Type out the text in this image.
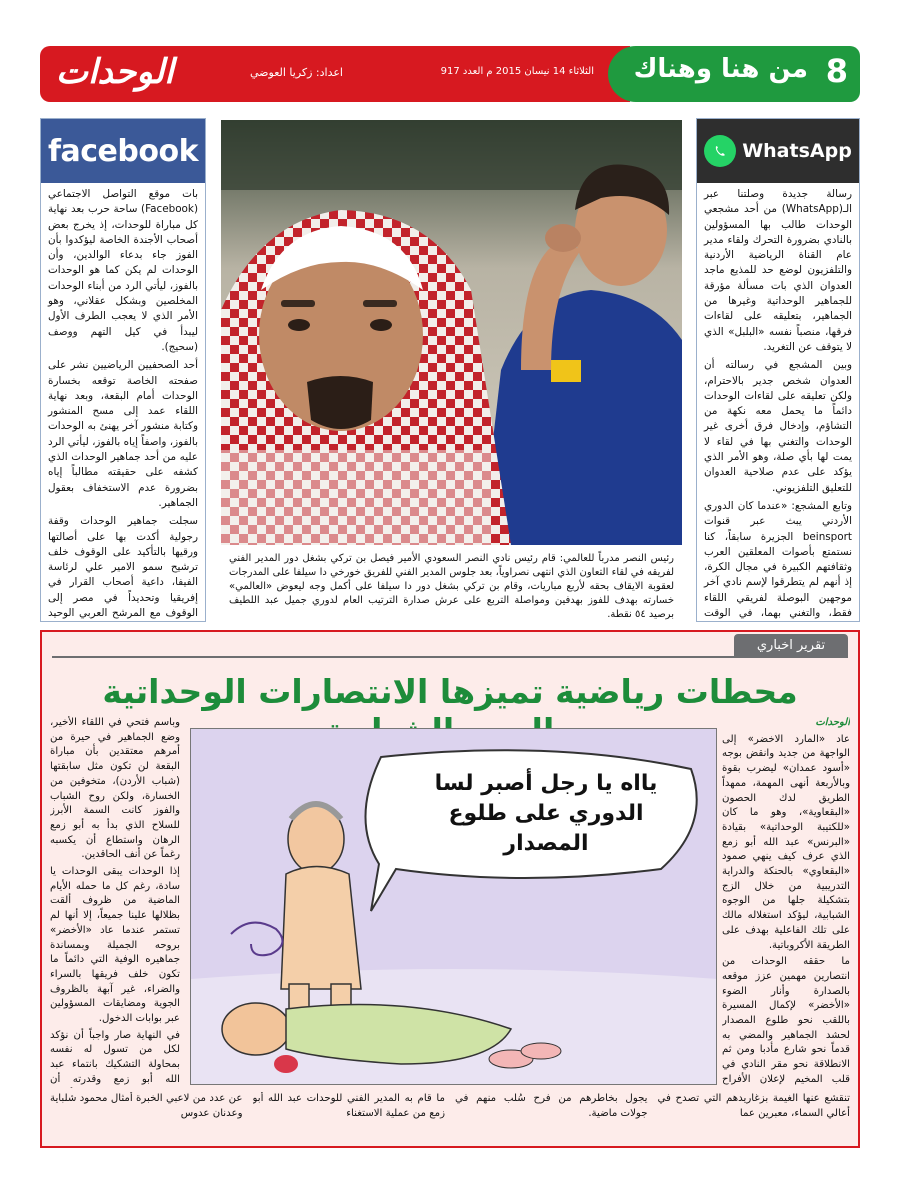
الوحدات	اعداد: زكريا العوضي	الثلاثاء 14 نيسان 2015 م العدد 917 من هنا وهناك 8
facebook

بات موقع التواصل الاجتماعي (Facebook) ساحة حرب بعد نهاية كل مباراة للوحدات، إذ يخرج بعض أصحاب الأجندة الخاصة ليؤكدوا بأن الفوز جاء بدعاء الوالدين، وأن الوحدات لم يكن كما هو الوحدات بالفوز، ليأتي الرد من أبناء الوحدات المخلصين وبشكل عقلاني، وهو الأمر الذي لا يعجب الطرف الأول ليبدأ في كيل التهم ووصف (سحيج).

أحد الصحفيين الرياضيين نشر على صفحته الخاصة توقعه بخسارة الوحدات أمام البقعة، وبعد نهاية اللقاء عمد إلى مسح المنشور وكتابة منشور آخر يهنئ به الوحدات بالفوز، واصفاً إياه بالفوز، ليأتي الرد عليه من أحد جماهير الوحدات الذي كشفه على حقيقته مطالباً إياه بضرورة عدم الاستخفاف بعقول الجماهير.

سجلت جماهير الوحدات وقفة رجولية أكدت بها على أصالتها ورقيها بالتأكيد على الوقوف خلف ترشيح سمو الامير علي لرئاسة الفيفا، داعية أصحاب القرار في إفريقيا وتحديداً في مصر إلى الوقوف مع المرشح العربي الوحيد

رئيس النصر مدرباً للعالمي: قام رئيس نادي النصر السعودي الأمير فيصل بن تركي بشغل دور المدير الفني لفريقه في لقاء التعاون الذي انتهى نصراوياً، بعد جلوس المدير الفني للفريق خورخي دا سيلفا على المدرجات لعقوبة الايقاف بحقه لأربع مباريات، وقام بن تركي بشغل دور دا سيلفا على أكمل وجه ليعوض «العالمي» خسارته بهدف للفوز بهدفين ومواصلة التربع على عرش صدارة الترتيب العام لدوري جميل عبد اللطيف برصيد ٥٤ نقطة.
WhatsApp

رسالة جديدة وصلتنا عبر الـ(WhatsApp) من أحد مشجعي الوحدات طالب بها المسؤولين بالنادي بضرورة التحرك ولقاء مدير عام القناة الرياضية الأردنية والتلفزيون لوضع حد للمذيع ماجد العدوان الذي بات مسألة مؤرقة للجماهير الوحداتية وغيرها من الجماهير، بتعليقه على لقاءات فرقها، منصباً نفسه «البلبل» الذي لا يتوقف عن التغريد.

وبين المشجع في رسالته أن العدوان شخص جدير بالاحترام، ولكن تعليقه على لقاءات الوحدات دائماً ما يحمل معه نكهة من التشاؤم، وإدخال فرق أخرى غير الوحدات والتغني بها في لقاء لا يمت لها بأي صلة، وهو الأمر الذي يؤكد على عدم صلاحية العدوان للتعليق التلفزيوني.

وتابع المشجع: «عندما كان الدوري الأردني يبث عبر قنوات beinsport الجزيرة سابقاً، كنا نستمتع بأصوات المعلقين العرب وثقافتهم الكبيرة في مجال الكرة، إذ أنهم لم يتطرقوا لإسم نادي آخر موجهين البوصلة لفريقي اللقاء فقط، والتغني بهما، في الوقت

تقرير اخباري
محطات رياضية تميزها الانتصارات الوحداتية

الوحدات

عاد «المارد الاخضر» إلى الواجهة من جديد وانقض بوجه «أسود عمدان» ليضرب بقوة وبالأربعة أنهى المهمة، ممهداً الطريق لدك الحصون «البقعاوية»، وهو ما كان «للكتيبة الوحداتية» بقيادة «البرنس» عبد الله أبو زمع الذي عرف كيف ينهي صمود «البقعاوي» بالحنكة والدراية التدريبية من خلال الزج بتشكيلة جلها من الوجوه الشبابية، ليؤكد استغلاله مالك على تلك الفاعلية بهدف على الطريقة الأكروباتية.

ما حققه الوحدات من انتصارين مهمين عزز موقعه بالصدارة وأنار الضوء «الأخضر» لإكمال المسيرة باللقب نحو طلوع المصدار لحشد الجماهير والمضي به قدماً نحو شارع مأدبا ومن ثم الانطلاقة نحو مقر النادي في قلب المخيم لإعلان الأفراح

يااه يا رجل أصبر لسا الدوري على طلوع المصدار

وباسم فتحي في اللقاء الأخير، وضع الجماهير في حيرة من أمرهم معتقدين بأن مباراة البقعة لن تكون مثل سابقتها (شباب الأردن)، متخوفين من الخسارة، ولكن روح الشباب والفوز كانت السمة الأبرز للسلاح الذي بدأ به أبو زمع الرهان واستطاع أن يكسبه رغماً عن أنف الحاقدين.

إذا الوحدات يبقى الوحدات يا سادة، رغم كل ما حمله الأيام الماضية من ظروف ألقت بظلالها علينا جميعاً، إلا أنها لم تستمر عندما عاد «الأخضر» بروحه الجميلة وبمساندة جماهيره الوفية التي دائماً ما تكون خلف فريقها بالسراء والضراء، غير آبهة بالظروف الجوية ومضايقات المسؤولين عبر بوابات الدخول.

في النهاية صار واجباً أن نؤكد لكل من تسول له نفسه بمحاولة التشكيك بانتماء عبد الله أبو زمع وقدرته أن

تنقشع عنها الغيمة بزغاريدهم التي تصدح في أعالي السماء، معبرين عما
يجول بخاطرهم من فرح سُلب منهم في جولات ماضية.
ما قام به المدير الفني للوحدات عبد الله أبو زمع من عملية الاستغناء
عن عدد من لاعبي الخبرة أمثال محمود شلباية وعدنان عدوس
